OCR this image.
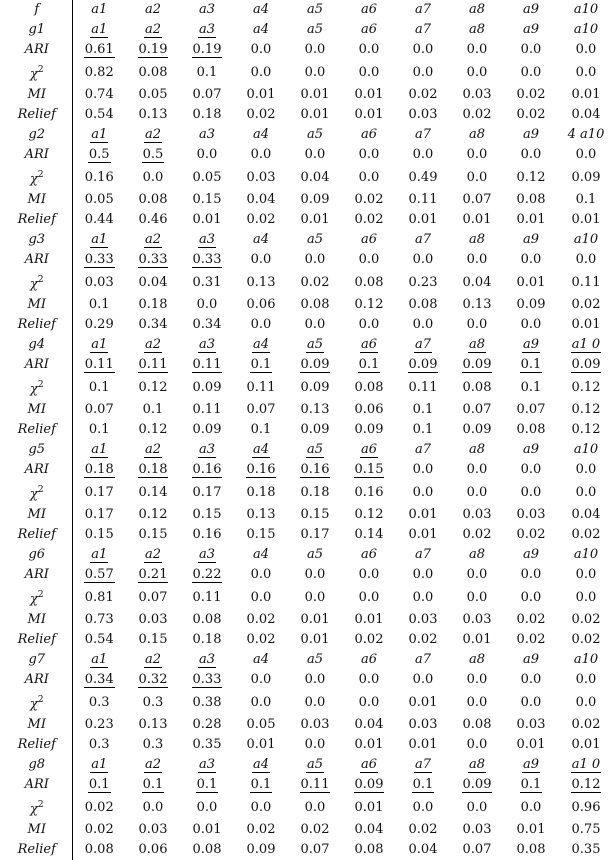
f	a1	a2	a3	a4	a5	a6	a7	a8	a9	a10
g1	a1	a2	a3	a4	a5	a6	a7	a8	a9	a10
ARI	0.61	0.19	0.19	0.0	0.0	0.0	0.0	0.0	0.0	0.0
$\chi^2$	0.82	0.08	0.1	0.0	0.0	0.0	0.0	0.0	0.0	0.0
MI	0.74	0.05	0.07	0.01	0.01	0.01	0.02	0.03	0.02	0.01
Relief	0.54	0.13	0.18	0.02	0.01	0.01	0.03	0.02	0.02	0.04
g2	a1	a2	a3	a4	a5	a6	a7	a8	a9	4 a10
ARI	0.5	0.5	0.0	0.0	0.0	0.0	0.0	0.0	0.0	0.0
$\chi^2$	0.16	0.0	0.05	0.03	0.04	0.0	0.49	0.0	0.12	0.09
MI	0.05	0.08	0.15	0.04	0.09	0.02	0.11	0.07	0.08	0.1
Relief	0.44	0.46	0.01	0.02	0.01	0.02	0.01	0.01	0.01	0.01
g3	a1	a2	a3	a4	a5	a6	a7	a8	a9	a10
ARI	0.33	0.33	0.33	0.0	0.0	0.0	0.0	0.0	0.0	0.0
$\chi^2$	0.03	0.04	0.31	0.13	0.02	0.08	0.23	0.04	0.01	0.11
MI	0.1	0.18	0.0	0.06	0.08	0.12	0.08	0.13	0.09	0.02
Relief	0.29	0.34	0.34	0.0	0.0	0.0	0.0	0.0	0.0	0.01
g4	a1	a2	a3	a4	a5	a6	a7	a8	a9	a1 0
ARI	0.11	0.11	0.11	0.1	0.09	0.1	0.09	0.09	0.1	0.09
$\chi^2$	0.1	0.12	0.09	0.11	0.09	0.08	0.11	0.08	0.1	0.12
MI	0.07	0.1	0.11	0.07	0.13	0.06	0.1	0.07	0.07	0.12
Relief	0.1	0.12	0.09	0.1	0.09	0.09	0.1	0.09	0.08	0.12
g5	a1	a2	a3	a4	a5	a6	a7	a8	a9	a10
ARI	0.18	0.18	0.16	0.16	0.16	0.15	0.0	0.0	0.0	0.0
$\chi^2$	0.17	0.14	0.17	0.18	0.18	0.16	0.0	0.0	0.0	0.0
MI	0.17	0.12	0.15	0.13	0.15	0.12	0.01	0.03	0.03	0.04
Relief	0.15	0.15	0.16	0.15	0.17	0.14	0.01	0.02	0.02	0.02
g6	a1	a2	a3	a4	a5	a6	a7	a8	a9	a10
ARI	0.57	0.21	0.22	0.0	0.0	0.0	0.0	0.0	0.0	0.0
$\chi^2$	0.81	0.07	0.11	0.0	0.0	0.0	0.0	0.0	0.0	0.0
MI	0.73	0.03	0.08	0.02	0.01	0.01	0.03	0.03	0.02	0.02
Relief	0.54	0.15	0.18	0.02	0.01	0.02	0.02	0.01	0.02	0.02
g7	a1	a2	a3	a4	a5	a6	a7	a8	a9	a10
ARI	0.34	0.32	0.33	0.0	0.0	0.0	0.0	0.0	0.0	0.0
$\chi^2$	0.3	0.3	0.38	0.0	0.0	0.0	0.01	0.0	0.0	0.0
MI	0.23	0.13	0.28	0.05	0.03	0.04	0.03	0.08	0.03	0.02
Relief	0.3	0.3	0.35	0.01	0.0	0.01	0.01	0.0	0.01	0.01
g8	a1	a2	a3	a4	a5	a6	a7	a8	a9	a1 0
ARI	0.1	0.1	0.1	0.1	0.11	0.09	0.1	0.09	0.1	0.12
$\chi^2$	0.02	0.0	0.0	0.0	0.0	0.01	0.0	0.0	0.0	0.96
MI	0.02	0.03	0.01	0.02	0.02	0.04	0.02	0.03	0.01	0.75
Relief	0.08	0.06	0.08	0.09	0.07	0.08	0.04	0.07	0.08	0.35
